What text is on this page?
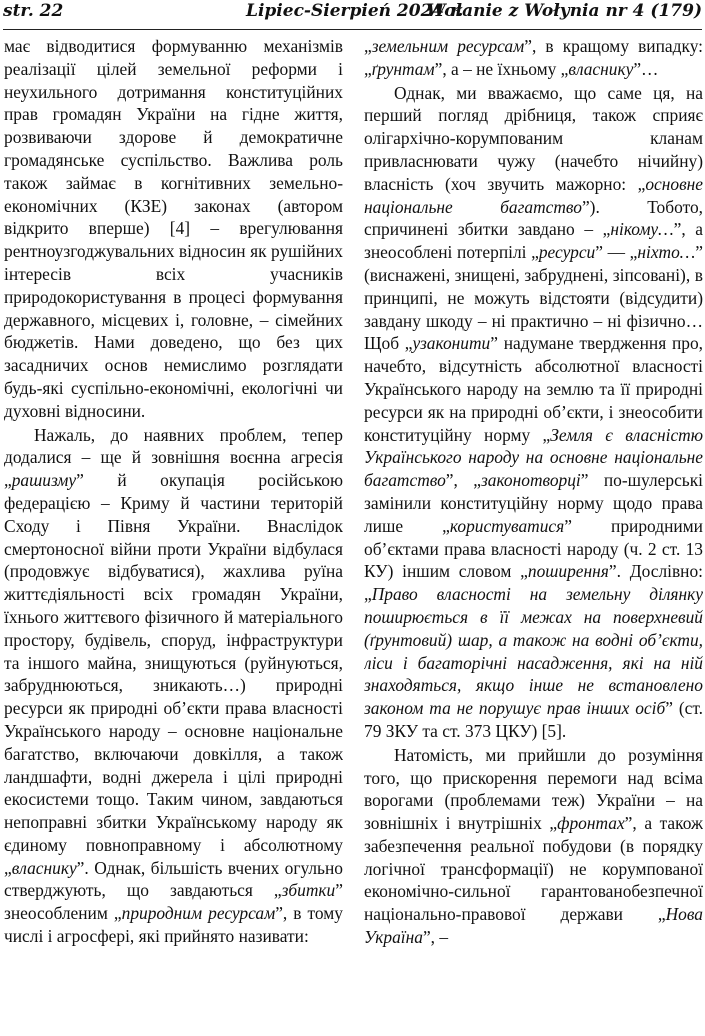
str. 22	Lipiec-Sierpień 2024 r.
Wołanie z Wołynia nr 4 (179)

має відводитися формуванню механізмів реалізації цілей земельної реформи і неухильного дотримання конституційних прав громадян України на гідне життя, розвиваючи здорове й демократичне громадянське суспільство. Важлива роль також займає в когнітивних земельно-економічних (КЗЕ) законах (автором відкрито вперше) [4] – врегулювання рентноузгоджувальних відносин як рушійних інтересів всіх учасників природокористування в процесі формування державного, місцевих і, головне, – сімейних бюджетів. Нами доведено, що без цих засадничих основ немислимо розглядати будь-які суспільно-економічні, екологічні чи духовні відносини.

Нажаль, до наявних проблем, тепер додалися – ще й зовнішня воєнна агресія „рашизму” й окупація російською федерацією – Криму й частини територій Сходу і Півня України. Внаслідок смертоносної війни проти України відбулася (продовжує відбуватися), жахлива руїна життєдіяльності всіх громадян України, їхнього життєвого фізичного й матеріального простору, будівель, споруд, інфраструктури та іншого майна, знищуються (руйнуються, забруднюються, зникають…) природні ресурси як природні об’єкти права власності Українського народу – основне національне багатство, включаючи довкілля, а також ландшафти, водні джерела і цілі природні екосистеми тощо. Таким чином, завдаються непоправні збитки Українському народу як єдиному повноправному і абсолютному „власнику”. Однак, більшість вчених огульно стверджують, що завдаються „збитки” знеособленим „природним ресурсам”, в тому числі і агросфері, які прийнято називати:

„земельним ресурсам”, в кращому випадку: „ґрунтам”, а – не їхньому „власнику”…

Однак, ми вважаємо, що саме ця, на перший погляд дрібниця, також сприяє олігархічно-корумпованим кланам привласнювати чужу (начебто нічийну) власність (хоч звучить мажорно: „основне національне багатство”). Тобото, спричинені збитки завдано – „нікому…”, а знеособлені потерпілі „ресурси” — „ніхто…” (виснажені, знищені, забруднені, зіпсовані), в принципі, не можуть відстояти (відсудити) завдану шкоду – ні практично – ні фізично… Щоб „узаконити” надумане твердження про, начебто, відсутність абсолютної власності Українського народу на землю та її природні ресурси як на природні об’єкти, і знеособити конституційну норму „Земля є власністю Українського народу на основне національне багатство”, „законотворці” по-шулерські замінили конституційну норму щодо права лише „користуватися” природними об’єктами права власності народу (ч. 2 ст. 13 КУ) іншим словом „поширення”. Дослівно: „Право власності на земельну ділянку поширюється в її межах на поверхневий (ґрунтовий) шар, а також на водні об’єкти, ліси і багаторічні насадження, які на ній знаходяться, якщо інше не встановлено законом та не порушує прав інших осіб” (ст. 79 ЗКУ та ст. 373 ЦКУ) [5].

Натомість, ми прийшли до розуміння того, що прискорення перемоги над всіма ворогами (проблемами теж) України – на зовнішніх і внутрішніх „фронтах”, а також забезпечення реальної побудови (в порядку логічної трансформації) не корумпованої економічно-сильної гарантованобезпечної національно-правової держави „Нова Україна”, –
